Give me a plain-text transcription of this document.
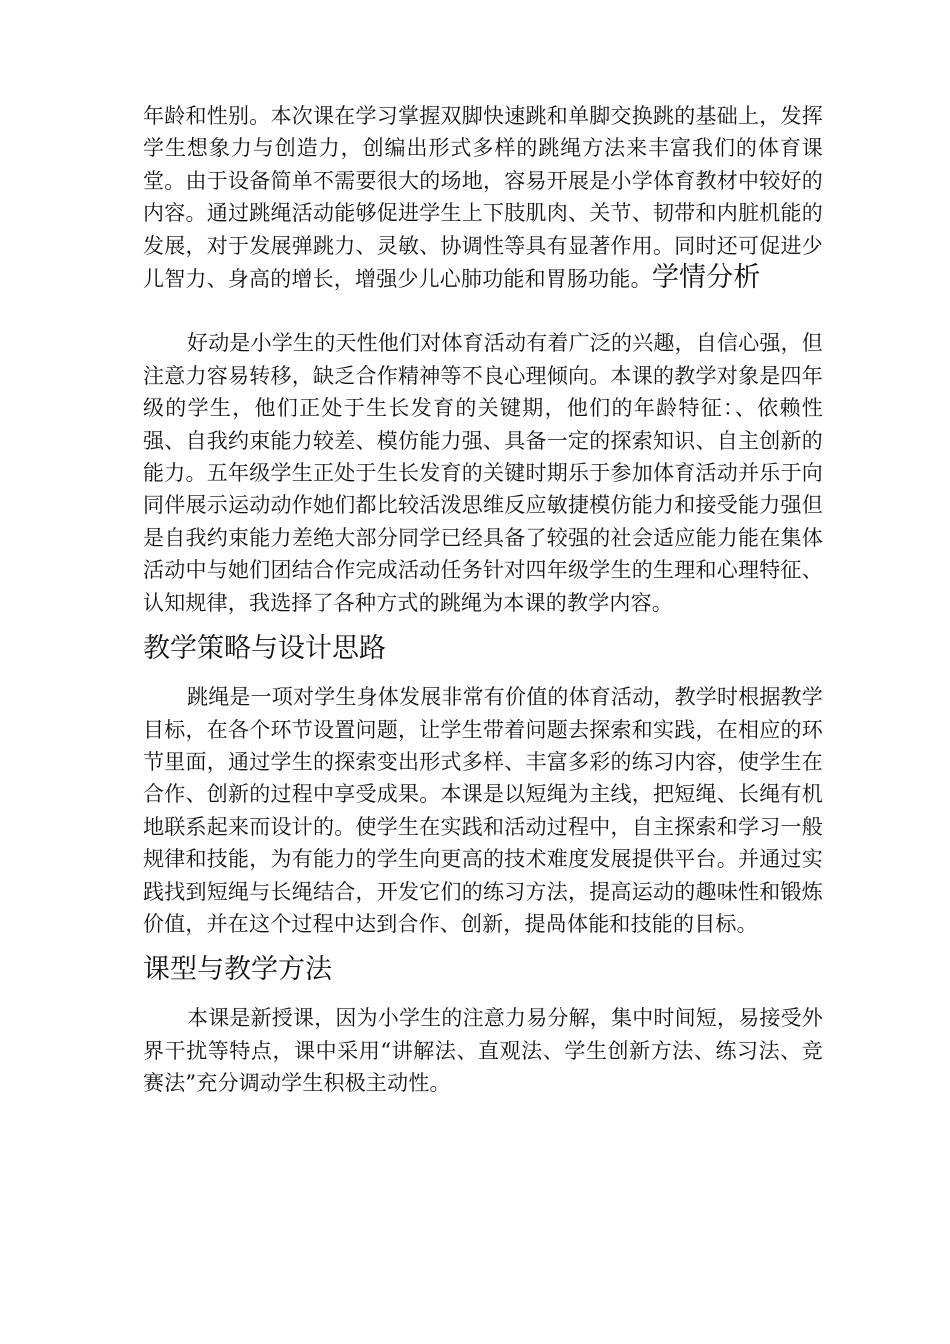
年龄和性别。本次课在学习掌握双脚快速跳和单脚交换跳的基础上，发挥学生想象力与创造力，创编出形式多样的跳绳方法来丰富我们的体育课堂。由于设备简单不需要很大的场地，容易开展是小学体育教材中较好的内容。通过跳绳活动能够促进学生上下肢肌肉、关节、韧带和内脏机能的发展，对于发展弹跳力、灵敏、协调性等具有显著作用。同时还可促进少儿智力、身高的增长，增强少儿心肺功能和胃肠功能。学情分析

好动是小学生的天性他们对体育活动有着广泛的兴趣，自信心强，但注意力容易转移，缺乏合作精神等不良心理倾向。本课的教学对象是四年级的学生，他们正处于生长发育的关键期，他们的年龄特征：、依赖性强、自我约束能力较差、模仿能力强、具备一定的探索知识、自主创新的能力。五年级学生正处于生长发育的关键时期乐于参加体育活动并乐于向同伴展示运动动作她们都比较活泼思维反应敏捷模仿能力和接受能力强但是自我约束能力差绝大部分同学已经具备了较强的社会适应能力能在集体活动中与她们团结合作完成活动任务针对四年级学生的生理和心理特征、认知规律，我选择了各种方式的跳绳为本课的教学内容。

教学策略与设计思路

跳绳是一项对学生身体发展非常有价值的体育活动，教学时根据教学目标，在各个环节设置问题，让学生带着问题去探索和实践，在相应的环节里面，通过学生的探索变出形式多样、丰富多彩的练习内容，使学生在合作、创新的过程中享受成果。本课是以短绳为主线，把短绳、长绳有机地联系起来而设计的。使学生在实践和活动过程中，自主探索和学习一般规律和技能，为有能力的学生向更高的技术难度发展提供平台。并通过实践找到短绳与长绳结合，开发它们的练习方法，提高运动的趣味性和锻炼价值，并在这个过程中达到合作、创新，提咼体能和技能的目标。

课型与教学方法

本课是新授课，因为小学生的注意力易分解，集中时间短，易接受外界干扰等特点，课中采用“讲解法、直观法、学生创新方法、练习法、竞赛法”充分调动学生积极主动性。
